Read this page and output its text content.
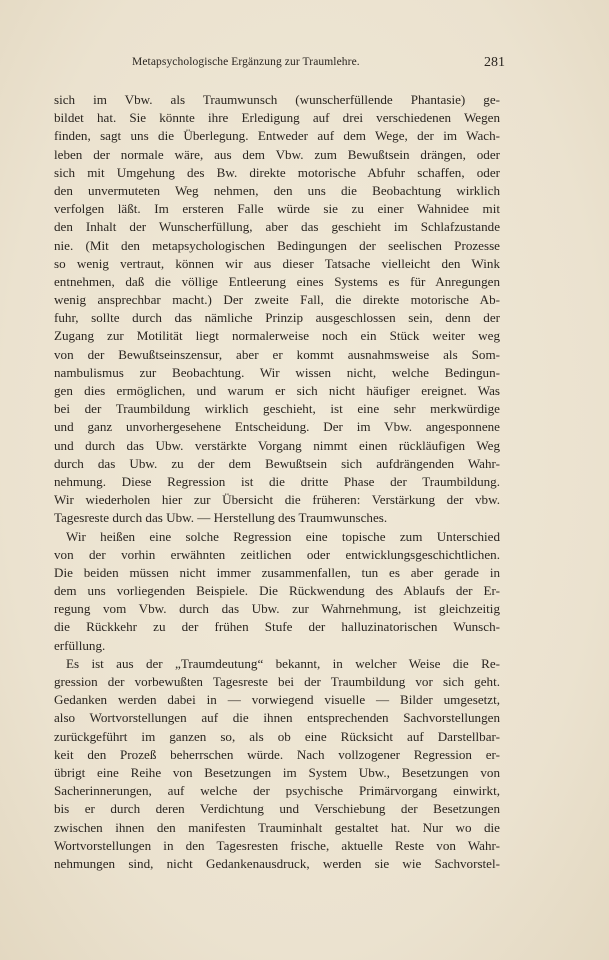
Metapsychologische Ergänzung zur Traumlehre.	281
sich im Vbw. als Traumwunsch (wunscherfüllende Phantasie) ge-
bildet hat. Sie könnte ihre Erledigung auf drei verschiedenen Wegen
finden, sagt uns die Überlegung. Entweder auf dem Wege, der im Wach-
leben der normale wäre, aus dem Vbw. zum Bewußtsein drängen, oder
sich mit Umgehung des Bw. direkte motorische Abfuhr schaffen, oder
den unvermuteten Weg nehmen, den uns die Beobachtung wirklich
verfolgen läßt. Im ersteren Falle würde sie zu einer Wahnidee mit
den Inhalt der Wunscherfüllung, aber das geschieht im Schlafzustande
nie. (Mit den metapsychologischen Bedingungen der seelischen Prozesse
so wenig vertraut, können wir aus dieser Tatsache vielleicht den Wink
entnehmen, daß die völlige Entleerung eines Systems es für Anregungen
wenig ansprechbar macht.) Der zweite Fall, die direkte motorische Ab-
fuhr, sollte durch das nämliche Prinzip ausgeschlossen sein, denn der
Zugang zur Motilität liegt normalerweise noch ein Stück weiter weg
von der Bewußtseinszensur, aber er kommt ausnahmsweise als Som-
nambulismus zur Beobachtung. Wir wissen nicht, welche Bedingun-
gen dies ermöglichen, und warum er sich nicht häufiger ereignet. Was
bei der Traumbildung wirklich geschieht, ist eine sehr merkwürdige
und ganz unvorhergesehene Entscheidung. Der im Vbw. angesponnene
und durch das Ubw. verstärkte Vorgang nimmt einen rückläufigen Weg
durch das Ubw. zu der dem Bewußtsein sich aufdrängenden Wahr-
nehmung. Diese Regression ist die dritte Phase der Traumbildung.
Wir wiederholen hier zur Übersicht die früheren: Verstärkung der vbw.
Tagesreste durch das Ubw. — Herstellung des Traumwunsches.
Wir heißen eine solche Regression eine topische zum Unterschied
von der vorhin erwähnten zeitlichen oder entwicklungsgeschichtlichen.
Die beiden müssen nicht immer zusammenfallen, tun es aber gerade in
dem uns vorliegenden Beispiele. Die Rückwendung des Ablaufs der Er-
regung vom Vbw. durch das Ubw. zur Wahrnehmung, ist gleichzeitig
die Rückkehr zu der frühen Stufe der halluzinatorischen Wunsch-
erfüllung.
Es ist aus der „Traumdeutung“ bekannt, in welcher Weise die Re-
gression der vorbewußten Tagesreste bei der Traumbildung vor sich geht.
Gedanken werden dabei in — vorwiegend visuelle — Bilder umgesetzt,
also Wortvorstellungen auf die ihnen entsprechenden Sachvorstellungen
zurückgeführt im ganzen so, als ob eine Rücksicht auf Darstellbar-
keit den Prozeß beherrschen würde. Nach vollzogener Regression er-
übrigt eine Reihe von Besetzungen im System Ubw., Besetzungen von
Sacherinnerungen, auf welche der psychische Primärvorgang einwirkt,
bis er durch deren Verdichtung und Verschiebung der Besetzungen
zwischen ihnen den manifesten Trauminhalt gestaltet hat. Nur wo die
Wortvorstellungen in den Tagesresten frische, aktuelle Reste von Wahr-
nehmungen sind, nicht Gedankenausdruck, werden sie wie Sachvorstel-
